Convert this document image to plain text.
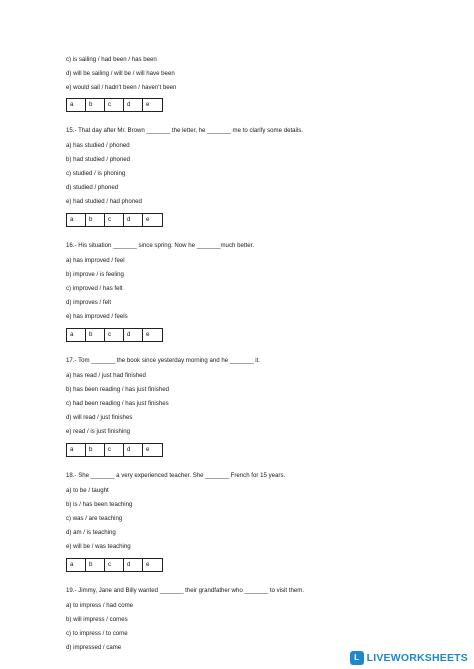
c) is sailing / had been / has been
d) will be sailing / will be / will have been
e) would sail / hadn't been / haven't been
a	b	c	d	e
15.- That day after Mr. Brown _______ the letter, he _______ me to clarify some details.
a) has studied / phoned
b) had studied / phoned
c) studied / is phoning
d) studied / phoned
e) had studied / had phoned
a	b	c	d	e
16.- His situation _______ since spring. Now he _______much better.
a) has improved / feel
b) improve / is feeling
c) improved / has felt
d) improves / felt
e) has improved / feels
a	b	c	d	e
17.- Tom _______ the book since yesterday morning and he _______ it.
a) has read / just had finished
b) has been reading / has just finished
c) had been reading / has just finishes
d) will read / just finishes
e) read / is just finishing
a	b	c	d	e
18.- She _______ a very experienced teacher. She _______ French for 15 years.
a) to be / taught
b) is / has been teaching
c) was / are teaching
d) am / is teaching
e) will be / was teaching
a	b	c	d	e
19.- Jimmy, Jane and Billy wanted _______ their grandfather who _______ to visit them.
a) to impress / had come
b) will impress / comes
c) to impress / to come
d) impressed / came
L LIVEWORKSHEETS
